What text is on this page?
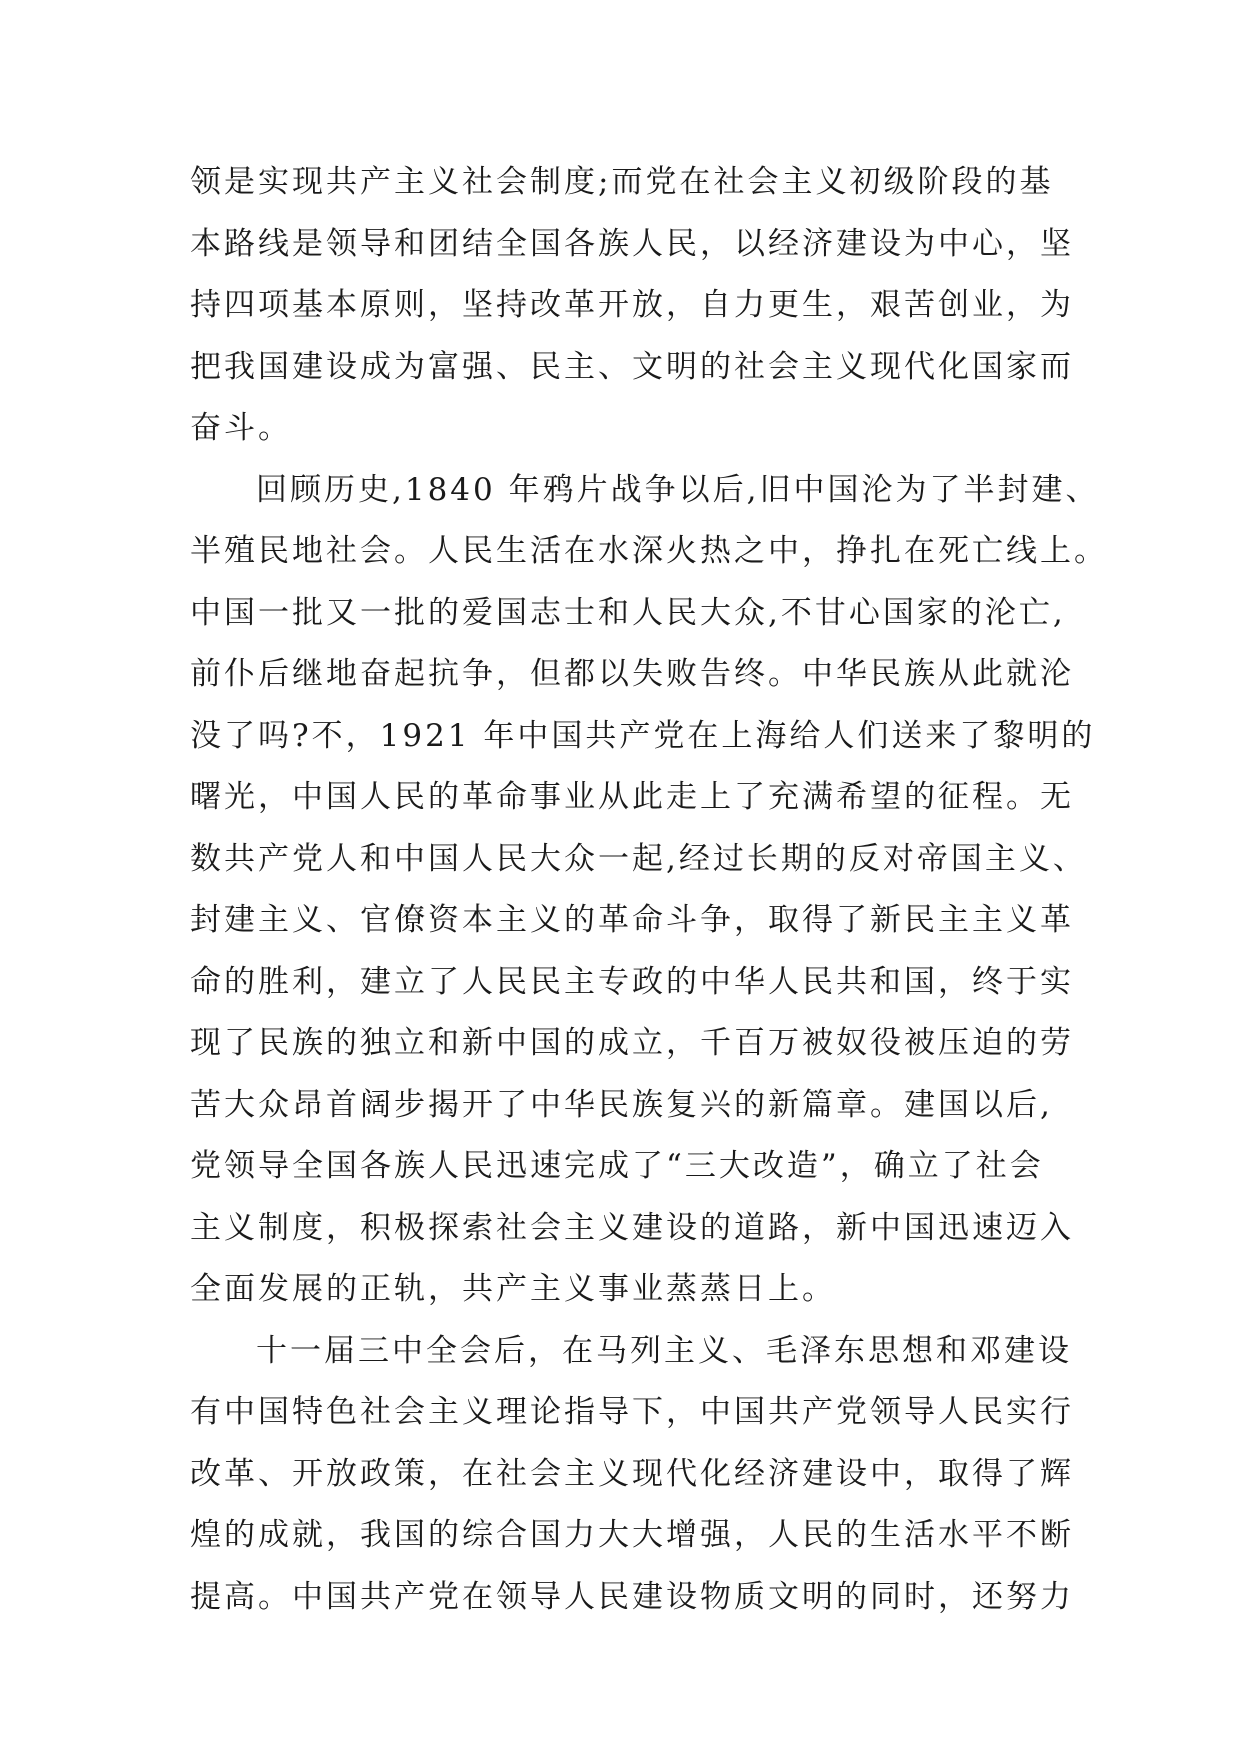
领是实现共产主义社会制度;而党在社会主义初级阶段的基
本路线是领导和团结全国各族人民，以经济建设为中心，坚
持四项基本原则，坚持改革开放，自力更生，艰苦创业，为
把我国建设成为富强、民主、文明的社会主义现代化国家而
奋斗。
回顾历史,1840 年鸦片战争以后,旧中国沦为了半封建、
半殖民地社会。人民生活在水深火热之中，挣扎在死亡线上。
中国一批又一批的爱国志士和人民大众,不甘心国家的沦亡,
前仆后继地奋起抗争，但都以失败告终。中华民族从此就沦
没了吗?不，1921 年中国共产党在上海给人们送来了黎明的
曙光，中国人民的革命事业从此走上了充满希望的征程。无
数共产党人和中国人民大众一起,经过长期的反对帝国主义、
封建主义、官僚资本主义的革命斗争，取得了新民主主义革
命的胜利，建立了人民民主专政的中华人民共和国，终于实
现了民族的独立和新中国的成立，千百万被奴役被压迫的劳
苦大众昂首阔步揭开了中华民族复兴的新篇章。建国以后,
党领导全国各族人民迅速完成了“三大改造”，确立了社会
主义制度，积极探索社会主义建设的道路，新中国迅速迈入
全面发展的正轨，共产主义事业蒸蒸日上。
十一届三中全会后，在马列主义、毛泽东思想和邓建设
有中国特色社会主义理论指导下，中国共产党领导人民实行
改革、开放政策，在社会主义现代化经济建设中，取得了辉
煌的成就，我国的综合国力大大增强，人民的生活水平不断
提高。中国共产党在领导人民建设物质文明的同时，还努力
